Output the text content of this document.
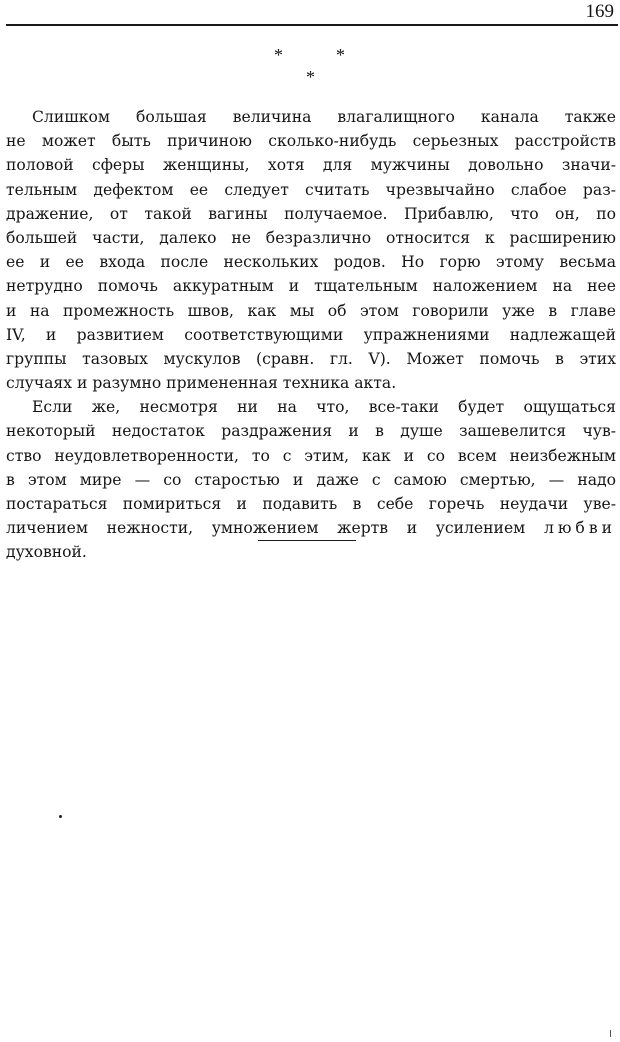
169
*	*
*
Слишком большая величина влагалищного канала также
не может быть причиною сколько-нибудь серьезных расстройств
половой сферы женщины, хотя для мужчины довольно значи-
тельным дефектом ее следует считать чрезвычайно слабое раз-
дражение, от такой вагины получаемое. Прибавлю, что он, по
большей части, далеко не безразлично относится к расширению
ее и ее входа после нескольких родов. Но горю этому весьма
нетрудно помочь аккуратным и тщательным наложением на нее
и на промежность швов, как мы об этом говорили уже в главе
IV, и развитием соответствующими упражнениями надлежащей
группы тазовых мускулов (сравн. гл. V). Может помочь в этих
случаях и разумно примененная техника акта.
Если же, несмотря ни на что, все-таки будет ощущаться
некоторый недостаток раздражения и в душе зашевелится чув-
ство неудовлетворенности, то с этим, как и со всем неизбежным
в этом мире — со старостью и даже с самою смертью, — надо
постараться помириться и подавить в себе горечь неудачи уве-
личением нежности, умножением жертв и усилением любви
духовной.
